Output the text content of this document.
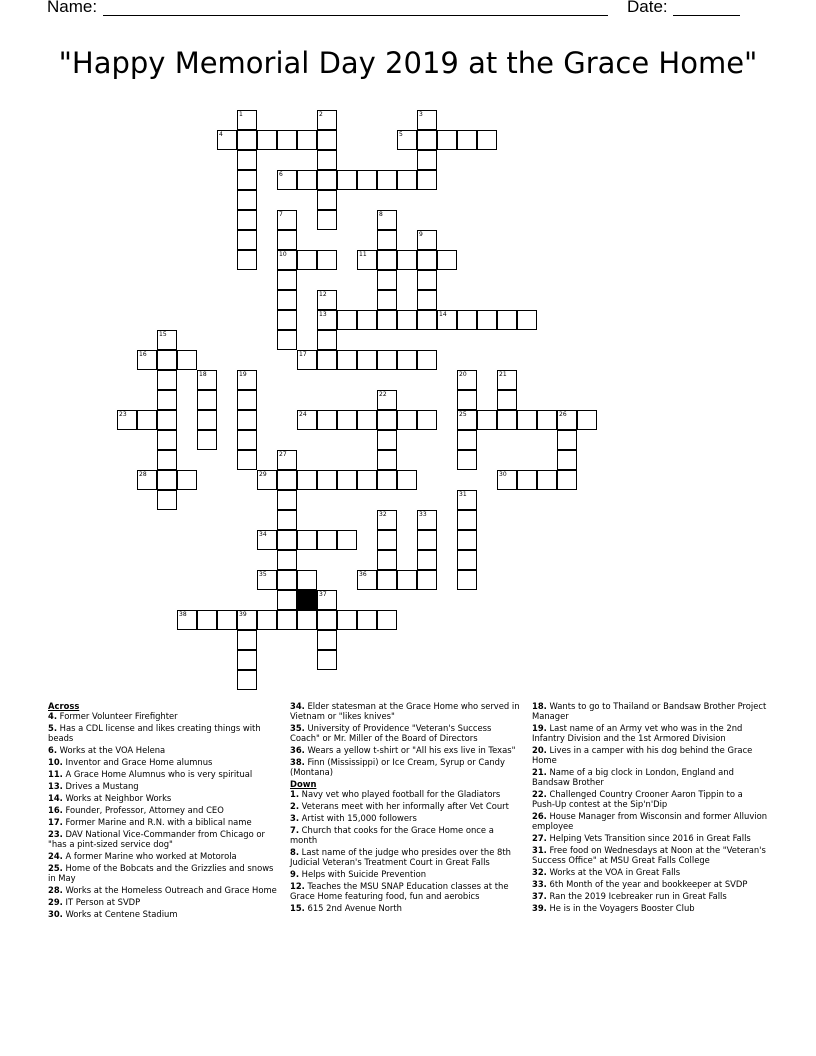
Name:	Date:
"Happy Memorial Day 2019 at the Grace Home"
1	2	3
4	5
6
7	8
9
10	11
12
13	14
15
16	17
18	19	20	21
22
23	24	25	26
27
28	29	30
31
32	33
34
35	36
37
38	39
Across
4. Former Volunteer Firefighter
5. Has a CDL license and likes creating things with beads
6. Works at the VOA Helena
10. Inventor and Grace Home alumnus
11. A Grace Home Alumnus who is very spiritual
13. Drives a Mustang
14. Works at Neighbor Works
16. Founder, Professor, Attorney and CEO
17. Former Marine and R.N. with a biblical name
23. DAV National Vice-Commander from Chicago or "has a pint-sized service dog"
24. A former Marine who worked at Motorola
25. Home of the Bobcats and the Grizzlies and snows in May
28. Works at the Homeless Outreach and Grace Home
29. IT Person at SVDP
30. Works at Centene Stadium
34. Elder statesman at the Grace Home who served in Vietnam or "likes knives"
35. University of Providence "Veteran's Success Coach" or Mr. Miller of the Board of Directors
36. Wears a yellow t-shirt or "All his exs live in Texas"
38. Finn (Mississippi) or Ice Cream, Syrup or Candy (Montana)
Down
1. Navy vet who played football for the Gladiators
2. Veterans meet with her informally after Vet Court
3. Artist with 15,000 followers
7. Church that cooks for the Grace Home once a month
8. Last name of the judge who presides over the 8th Judicial Veteran's Treatment Court in Great Falls
9. Helps with Suicide Prevention
12. Teaches the MSU SNAP Education classes at the Grace Home featuring food, fun and aerobics
15. 615 2nd Avenue North
18. Wants to go to Thailand or Bandsaw Brother Project Manager
19. Last name of an Army vet who was in the 2nd Infantry Division and the 1st Armored Division
20. Lives in a camper with his dog behind the Grace Home
21. Name of a big clock in London, England and Bandsaw Brother
22. Challenged Country Crooner Aaron Tippin to a Push-Up contest at the Sip'n'Dip
26. House Manager from Wisconsin and former Alluvion employee
27. Helping Vets Transition since 2016 in Great Falls
31. Free food on Wednesdays at Noon at the "Veteran's Success Office" at MSU Great Falls College
32. Works at the VOA in Great Falls
33. 6th Month of the year and bookkeeper at SVDP
37. Ran the 2019 Icebreaker run in Great Falls
39. He is in the Voyagers Booster Club
